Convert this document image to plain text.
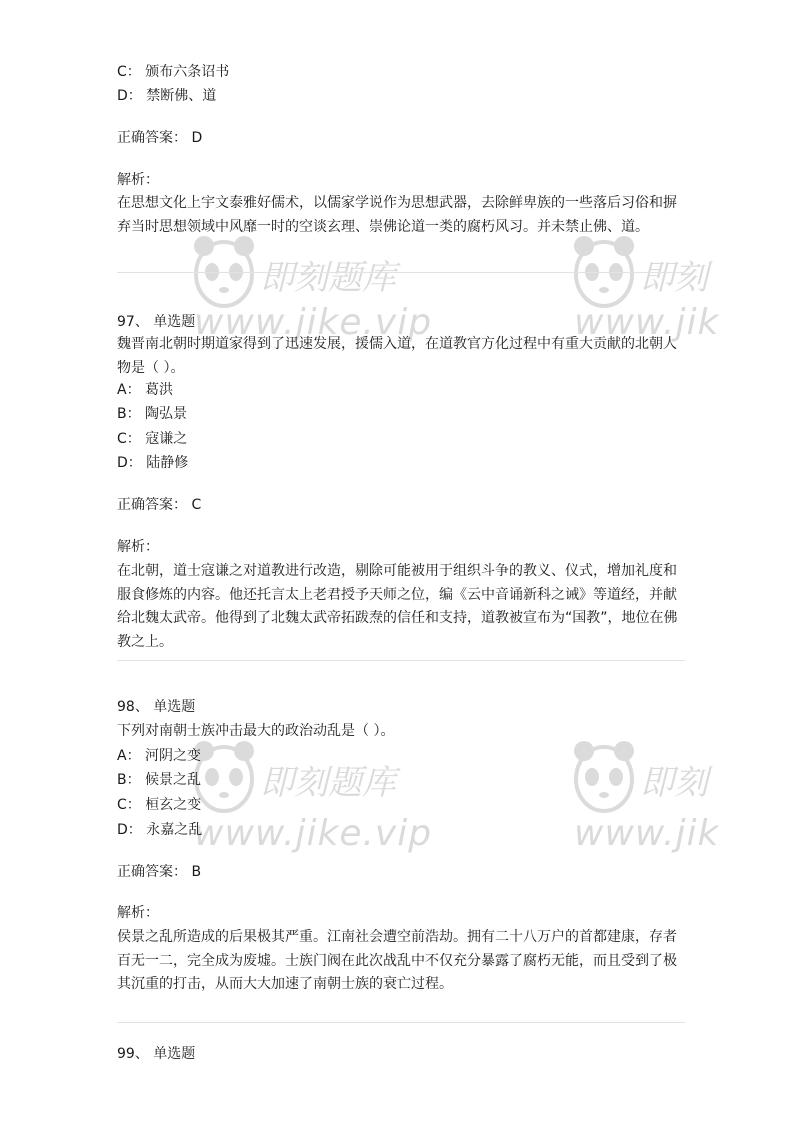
即刻题库
www.jike.vip
即刻
www.jik
即刻题库
www.jike.vip
即刻
www.jik

C： 颁布六条诏书

D： 禁断佛、道

正确答案： D

解析：

在思想文化上宇文泰雅好儒术，以儒家学说作为思想武器，去除鲜卑族的一些落后习俗和摒弃当时思想领域中风靡一时的空谈玄理、崇佛论道一类的腐朽风习。并未禁止佛、道。

97、 单选题

魏晋南北朝时期道家得到了迅速发展，援儒入道，在道教官方化过程中有重大贡献的北朝人物是（ ）。

A： 葛洪

B： 陶弘景

C： 寇谦之

D： 陆静修

正确答案： C

解析：

在北朝，道士寇谦之对道教进行改造，剔除可能被用于组织斗争的教义、仪式，增加礼度和服食修炼的内容。他还托言太上老君授予天师之位，编《云中音诵新科之诫》等道经，并献给北魏太武帝。他得到了北魏太武帝拓跋焘的信任和支持，道教被宣布为“国教”，地位在佛教之上。

98、 单选题

下列对南朝士族冲击最大的政治动乱是（ ）。

A： 河阴之变

B： 候景之乱

C： 桓玄之变

D： 永嘉之乱

正确答案： B

解析：

侯景之乱所造成的后果极其严重。江南社会遭空前浩劫。拥有二十八万户的首都建康，存者百无一二，完全成为废墟。士族门阀在此次战乱中不仅充分暴露了腐朽无能，而且受到了极其沉重的打击，从而大大加速了南朝士族的衰亡过程。

99、 单选题
